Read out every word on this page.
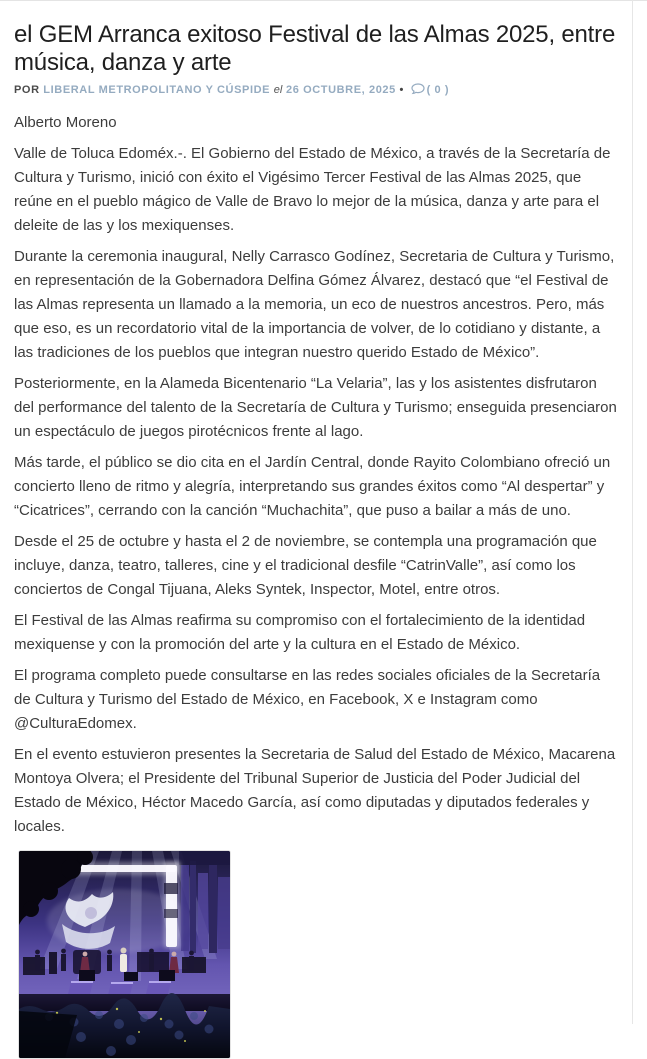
el GEM Arranca exitoso Festival de las Almas 2025, entre música, danza y arte
POR LIBERAL METROPOLITANO Y CÚSPIDE el 26 OCTUBRE, 2025 • ( 0 )

Alberto Moreno

Valle de Toluca Edoméx.-. El Gobierno del Estado de México, a través de la Secretaría de Cultura y Turismo, inició con éxito el Vigésimo Tercer Festival de las Almas 2025, que reúne en el pueblo mágico de Valle de Bravo lo mejor de la música, danza y arte para el deleite de las y los mexiquenses.

Durante la ceremonia inaugural, Nelly Carrasco Godínez, Secretaria de Cultura y Turismo, en representación de la Gobernadora Delfina Gómez Álvarez, destacó que “el Festival de las Almas representa un llamado a la memoria, un eco de nuestros ancestros. Pero, más que eso, es un recordatorio vital de la importancia de volver, de lo cotidiano y distante, a las tradiciones de los pueblos que integran nuestro querido Estado de México”.

Posteriormente, en la Alameda Bicentenario “La Velaria”, las y los asistentes disfrutaron del performance del talento de la Secretaría de Cultura y Turismo; enseguida presenciaron un espectáculo de juegos pirotécnicos frente al lago.

Más tarde, el público se dio cita en el Jardín Central, donde Rayito Colombiano ofreció un concierto lleno de ritmo y alegría, interpretando sus grandes éxitos como “Al despertar” y “Cicatrices”, cerrando con la canción “Muchachita”, que puso a bailar a más de uno.

Desde el 25 de octubre y hasta el 2 de noviembre, se contempla una programación que incluye, danza, teatro, talleres, cine y el tradicional desfile “CatrinValle”, así como los conciertos de Congal Tijuana, Aleks Syntek, Inspector, Motel, entre otros.

El Festival de las Almas reafirma su compromiso con el fortalecimiento de la identidad mexiquense y con la promoción del arte y la cultura en el Estado de México.

El programa completo puede consultarse en las redes sociales oficiales de la Secretaría de Cultura y Turismo del Estado de México, en Facebook, X e Instagram como @CulturaEdomex.

En el evento estuvieron presentes la Secretaria de Salud del Estado de México, Macarena Montoya Olvera; el Presidente del Tribunal Superior de Justicia del Poder Judicial del Estado de México, Héctor Macedo García, así como diputadas y diputados federales y locales.
